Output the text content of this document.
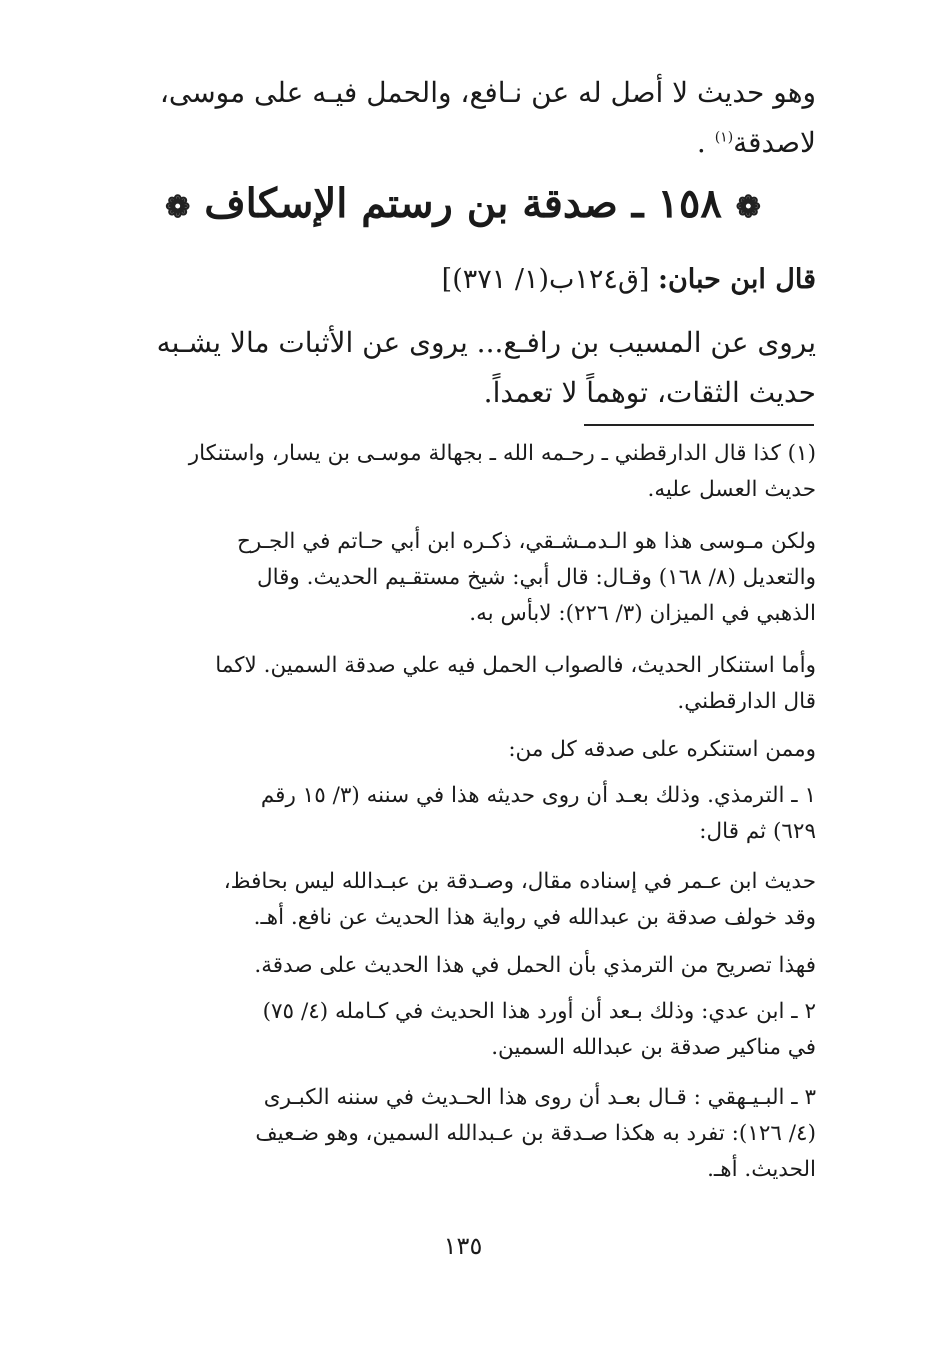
وهو حديث لا أصل له عن نـافع، والحمل فيـه على موسى،
لاصدقة$^{(١)}$ .
❁ ١٥٨ ـ صدقة بن رستم الإسكاف ❁
قال ابن حبان: [ق١٢٤ب(١/ ٣٧١)]
يروى عن المسيب بن رافـع... يروى عن الأثبات مالا يشـبه
حديث الثقات، توهماً لا تعمداً.
(١) كذا قال الدارقطني ـ رحـمه الله ـ بجهالة موسـى بن يسار، واستنكار
حديث العسل عليه.
ولكن مـوسى هذا هو الـدمـشـقي، ذكـره ابن أبي حـاتم في الجـرح
والتعديل (٨/ ١٦٨) وقـال: قال أبي: شيخ مستقـيم الحديث. وقال
الذهبي في الميزان (٣/ ٢٢٦): لابأس به.
وأما استنكار الحديث، فالصواب الحمل فيه علي صدقة السمين. لاكما
قال الدارقطني.
وممن استنكره على صدقه كل من:
١ ـ الترمذي. وذلك بعـد أن روى حديثه هذا في سننه (٣/ ١٥ رقم
٦٢٩) ثم قال:
حديث ابن عـمر في إسناده مقال، وصـدقة بن عبـدالله ليس بحافظ،
وقد خولف صدقة بن عبدالله في رواية هذا الحديث عن نافع. أهـ.
فهذا تصريح من الترمذي بأن الحمل في هذا الحديث على صدقة.
٢ ـ ابن عدي: وذلك بـعد أن أورد هذا الحديث في كـامله (٤/ ٧٥)
في مناكير صدقة بن عبدالله السمين.
٣ ـ البـيـهقي : قـال بعـد أن روى هذا الحـديث في سننه الكبـرى
(٤/ ١٢٦): تفرد به هكذا صـدقة بن عـبدالله السمين، وهو ضـعيف
الحديث. أهـ.
١٣٥
